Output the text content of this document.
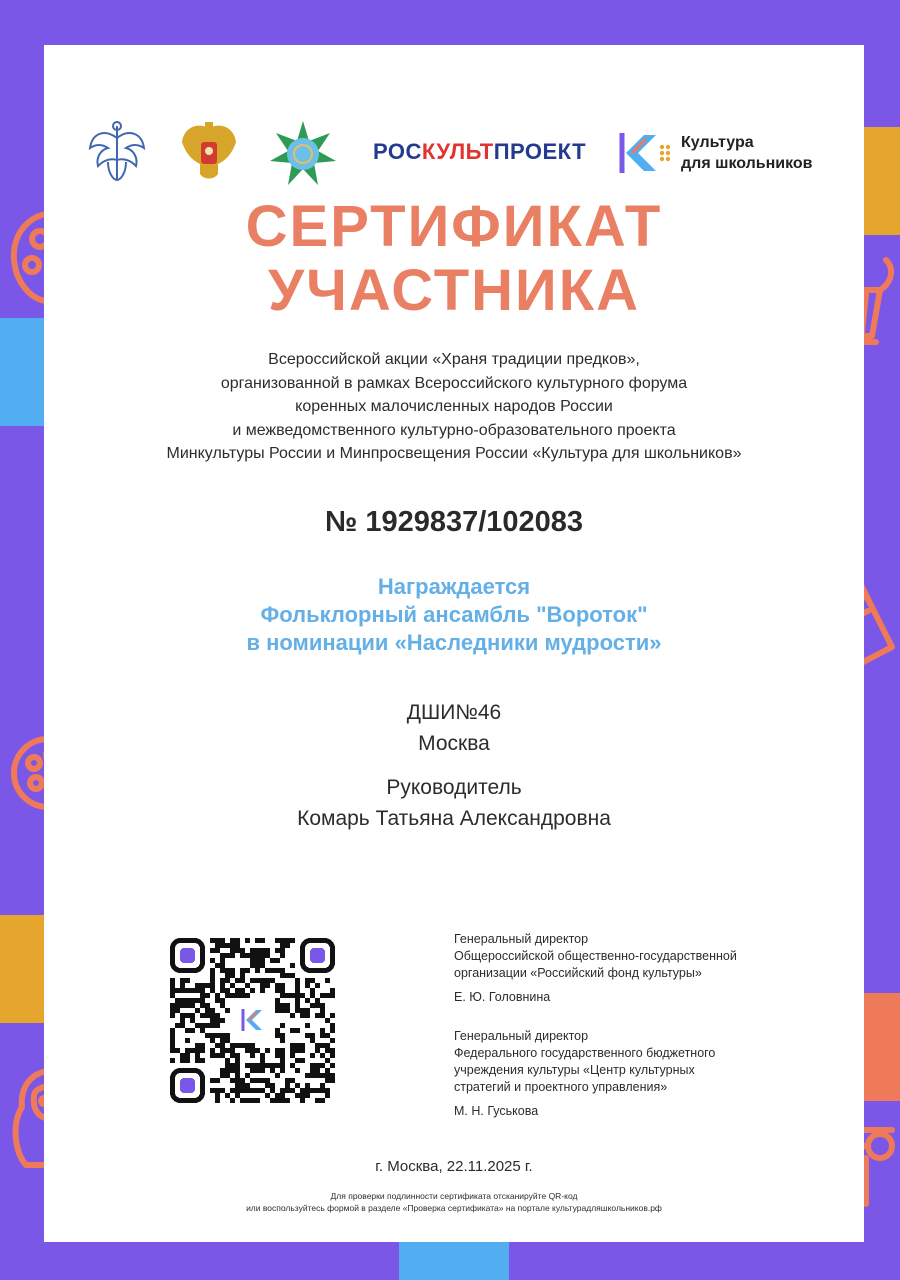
РОСКУЛЬТПРОЕКТ	Культура
для школьников
СЕРТИФИКАТ
УЧАСТНИКА
Всероссийской акции «Храня традиции предков»,
организованной в рамках Всероссийского культурного форума
коренных малочисленных народов России
и межведомственного культурно-образовательного проекта
Минкультуры России и Минпросвещения России «Культура для школьников»
№ 1929837/102083
Награждается
Фольклорный ансамбль "Вороток"
в номинации «Наследники мудрости»
ДШИ№46
Москва
Руководитель
Комарь Татьяна Александровна
Генеральный директор
Общероссийской общественно-государственной
организации «Российский фонд культуры»
Е. Ю. Головнина
Генеральный директор
Федерального государственного бюджетного
учреждения культуры «Центр культурных
стратегий и проектного управления»
М. Н. Гуськова
г. Москва, 22.11.2025 г.
Для проверки подлинности сертификата отсканируйте QR-код
или воспользуйтесь формой в разделе «Проверка сертификата» на портале культурадляшкольников.рф
